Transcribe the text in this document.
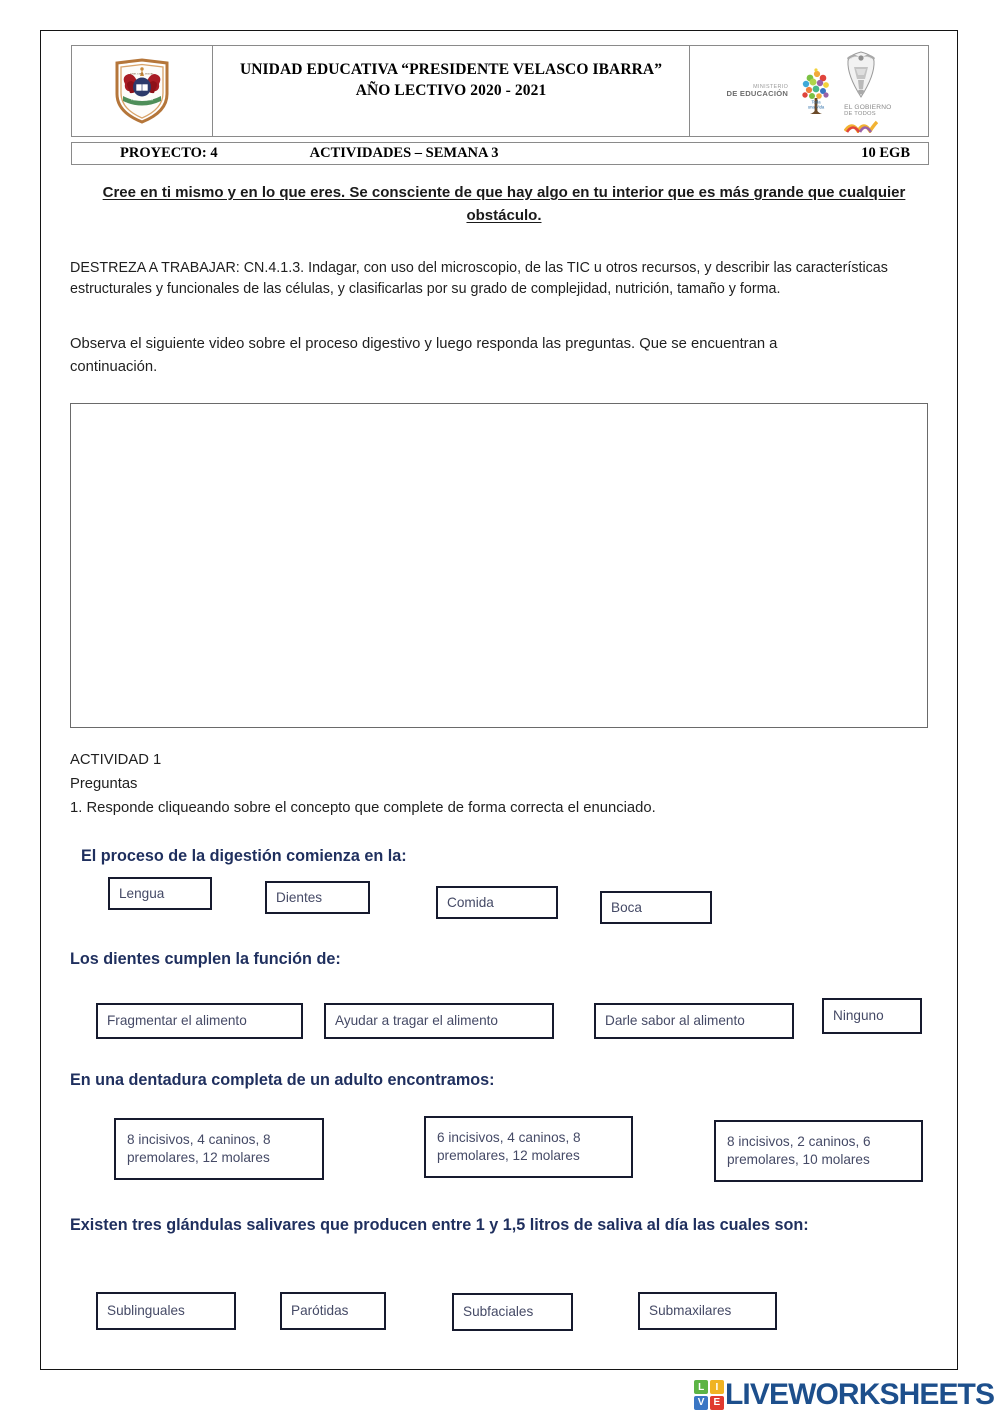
UNID. EDUC. PRESID.
VELASCO IBARRA
UNIDAD EDUCATIVA “PRESIDENTE VELASCO IBARRA”
AÑO LECTIVO 2020 - 2021	MINISTERIO
DE EDUCACIÓN
Toda
una Vida	EL GOBIERNO
DE TODOS
PROYECTO: 4	ACTIVIDADES – SEMANA 3	10 EGB
Cree en ti mismo y en lo que eres. Se consciente de que hay algo en tu interior que es más grande que cualquier obstáculo.
DESTREZA A TRABAJAR: CN.4.1.3. Indagar, con uso del microscopio, de las TIC u otros recursos, y describir las características estructurales y funcionales de las células, y clasificarlas por su grado de complejidad, nutrición, tamaño y forma.
Observa el siguiente video sobre el proceso digestivo y luego responda las preguntas. Que se encuentran a continuación.
ACTIVIDAD 1
Preguntas
1. Responde cliqueando sobre el concepto que complete de forma correcta el enunciado.
El proceso de la digestión comienza en la:
Lengua	Dientes	Comida	Boca
Los dientes cumplen la función de:
Fragmentar el alimento	Ayudar a tragar el alimento	Darle sabor al alimento	Ninguno
En una dentadura completa de un adulto encontramos:
8 incisivos, 4 caninos, 8
premolares, 12 molares
6 incisivos, 4 caninos, 8
premolares, 12 molares
8 incisivos, 2 caninos, 6
premolares, 10 molares
Existen tres glándulas salivares que producen entre 1 y 1,5 litros de saliva al día las cuales son:
Sublinguales	Parótidas	Subfaciales	Submaxilares
L	I
V E LIVEWORKSHEETS
